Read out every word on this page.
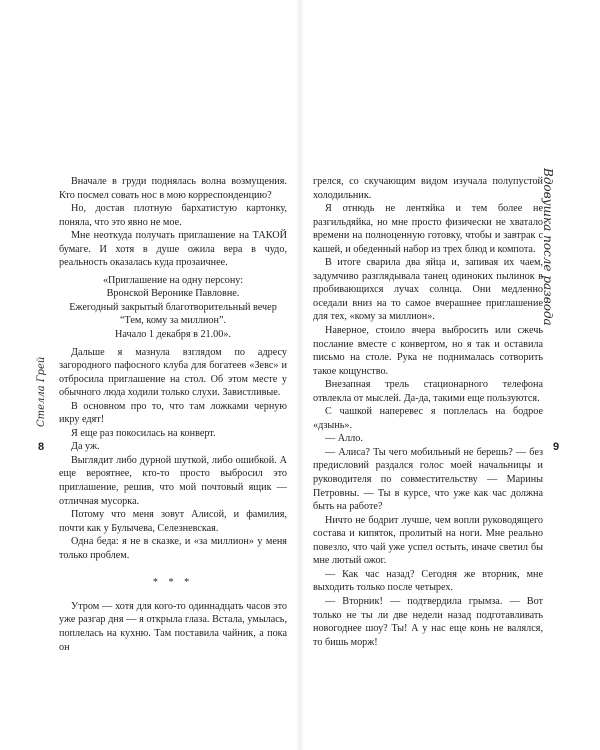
Вначале в груди поднялась волна возмущения. Кто посмел совать нос в мою корреспонденцию?

Но, достав плотную бархатистую картонку, поняла, что это явно не мое.

Мне неоткуда получать приглашение на ТАКОЙ бумаге. И хотя в душе ожила вера в чудо, реальность оказалась куда прозаичнее.

«Приглашение на одну персону:

Вронской Веронике Павловне.

Ежегодный закрытый благотворительный вечер

“Тем, кому за миллион”.

Начало 1 декабря в 21.00».

Дальше я мазнула взглядом по адресу загородного пафосного клуба для богатеев «Зевс» и отбросила приглашение на стол. Об этом месте у обычного люда ходили только слухи. Завистливые.

В основном про то, что там ложками черную икру едят!

Я еще раз покосилась на конверт.

Да уж.

Выглядит либо дурной шуткой, либо ошибкой. А еще вероятнее, кто-то просто выбросил это приглашение, решив, что мой почтовый ящик — отличная мусорка.

Потому что меня зовут Алисой, и фамилия, почти как у Булычева, Селезневская.

Одна беда: я не в сказке, и «за миллион» у меня только проблем.

* * *

Утром — хотя для кого-то одиннадцать часов это уже разгар дня — я открыла глаза. Встала, умылась, поплелась на кухню. Там поставила чайник, а пока он

8
Стелла Грей

грелся, со скучающим видом изучала полупустой холодильник.

Я отнюдь не лентяйка и тем более не разгильдяйка, но мне просто физически не хватало времени на полноценную готовку, чтобы и завтрак с кашей, и обеденный набор из трех блюд и компота.

В итоге сварила два яйца и, запивая их чаем, задумчиво разглядывала танец одиноких пылинок в пробивающихся лучах солнца. Они медленно оседали вниз на то самое вчерашнее приглашение для тех, «кому за миллион».

Наверное, стоило вчера выбросить или сжечь послание вместе с конвертом, но я так и оставила письмо на столе. Рука не поднималась сотворить такое кощунство.

Внезапная трель стационарного телефона отвлекла от мыслей. Да-да, такими еще пользуются.

С чашкой наперевес я поплелась на бодрое «дзынь».

— Алло.

— Алиса? Ты чего мобильный не берешь? — без предисловий раздался голос моей начальницы и руководителя по совместительству — Марины Петровны. — Ты в курсе, что уже как час должна быть на работе?

Ничто не бодрит лучше, чем вопли руководящего состава и кипяток, пролитый на ноги. Мне реально повезло, что чай уже успел остыть, иначе светил бы мне лютый ожог.

— Как час назад? Сегодня же вторник, мне выходить только после четырех.

— Вторник! — подтвердила грымза. — Вот только не ты ли две недели назад подготавливать новогоднее шоу? Ты! А у нас еще конь не валялся, то бишь морж!

9
Вдовушка после развода
